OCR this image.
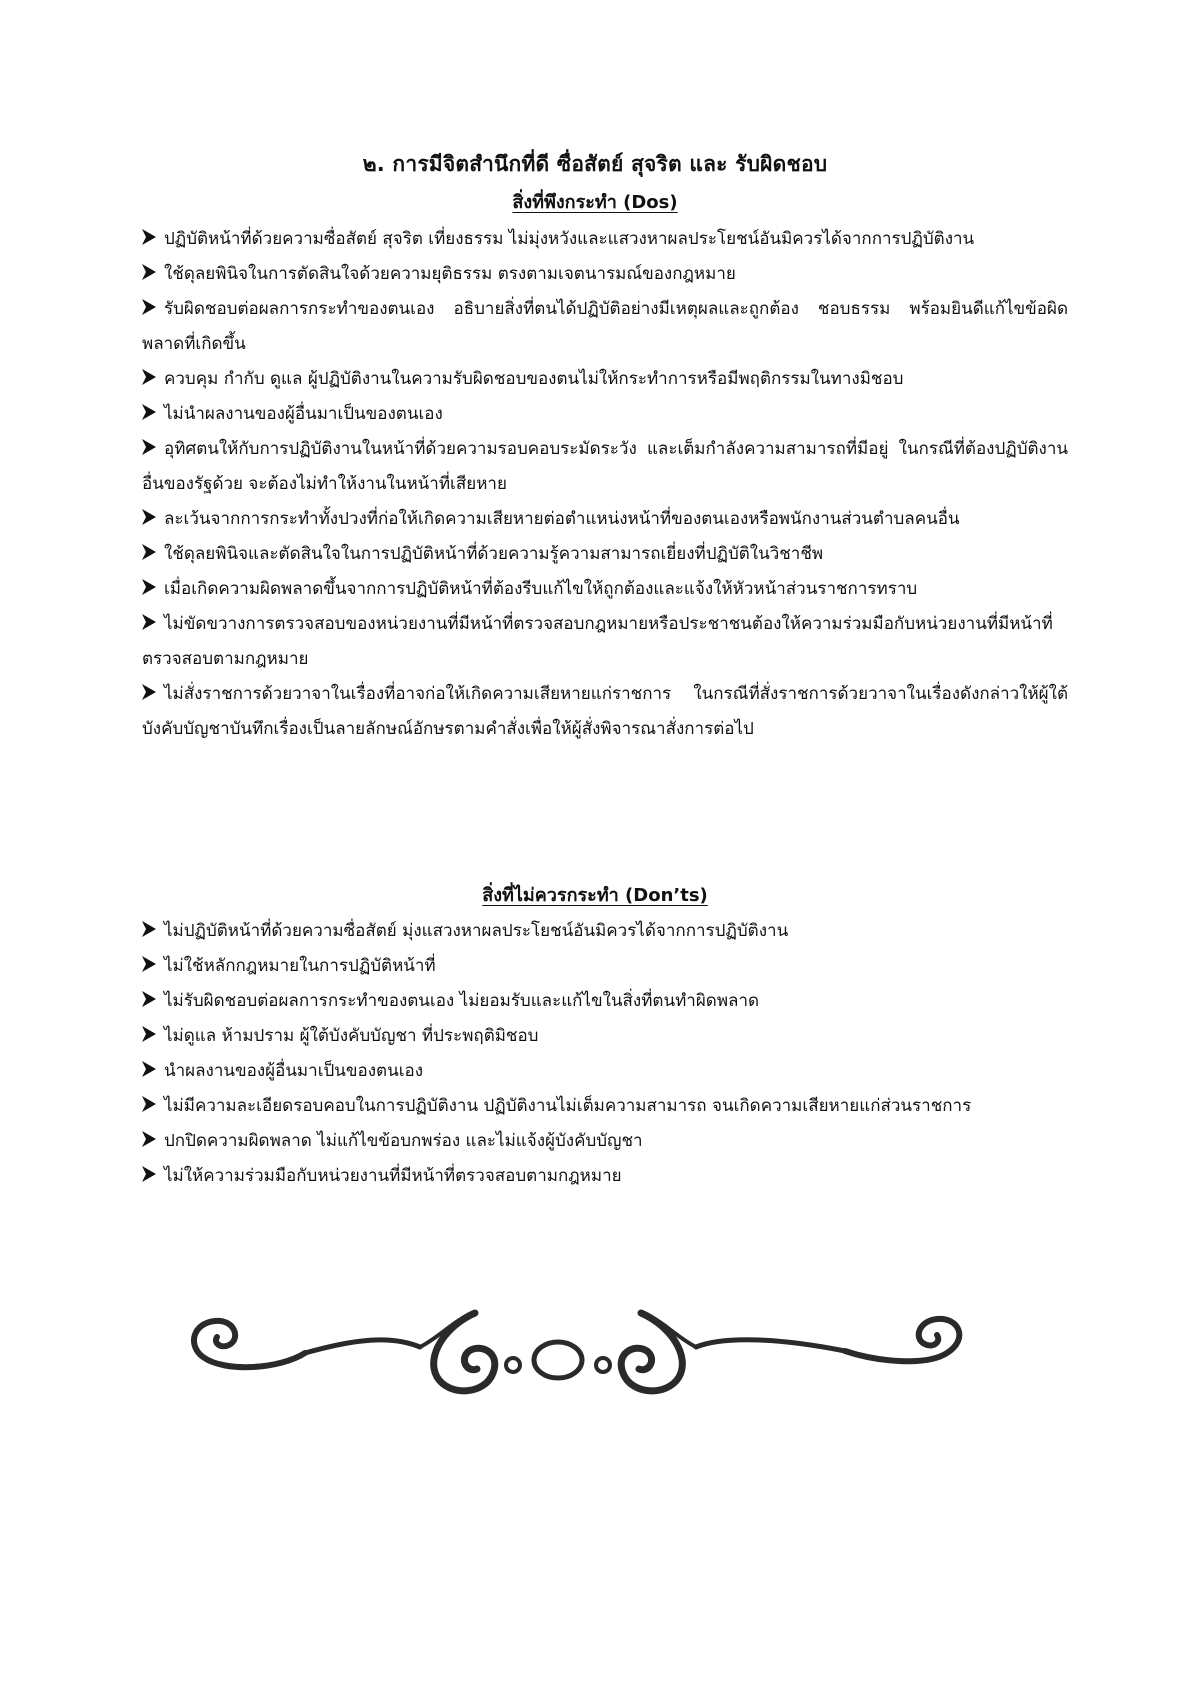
๒. การมีจิตสำนึกที่ดี ซื่อสัตย์ สุจริต และ รับผิดชอบ
สิ่งที่พึงกระทำ (Dos)
ปฏิบัติหน้าที่ด้วยความซื่อสัตย์ สุจริต เที่ยงธรรม ไม่มุ่งหวังและแสวงหาผลประโยชน์อันมิควรได้จากการปฏิบัติงาน
ใช้ดุลยพินิจในการตัดสินใจด้วยความยุติธรรม ตรงตามเจตนารมณ์ของกฎหมาย
รับผิดชอบต่อผลการกระทำของตนเอง อธิบายสิ่งที่ตนได้ปฏิบัติอย่างมีเหตุผลและถูกต้อง ชอบธรรม พร้อมยินดีแก้ไขข้อผิดพลาดที่เกิดขึ้น
ควบคุม กำกับ ดูแล ผู้ปฏิบัติงานในความรับผิดชอบของตนไม่ให้กระทำการหรือมีพฤติกรรมในทางมิชอบ
ไม่นำผลงานของผู้อื่นมาเป็นของตนเอง
อุทิศตนให้กับการปฏิบัติงานในหน้าที่ด้วยความรอบคอบระมัดระวัง และเต็มกำลังความสามารถที่มีอยู่ ในกรณีที่ต้องปฏิบัติงานอื่นของรัฐด้วย จะต้องไม่ทำให้งานในหน้าที่เสียหาย
ละเว้นจากการกระทำทั้งปวงที่ก่อให้เกิดความเสียหายต่อตำแหน่งหน้าที่ของตนเองหรือพนักงานส่วนตำบลคนอื่น
ใช้ดุลยพินิจและตัดสินใจในการปฏิบัติหน้าที่ด้วยความรู้ความสามารถเยี่ยงที่ปฏิบัติในวิชาชีพ
เมื่อเกิดความผิดพลาดขึ้นจากการปฏิบัติหน้าที่ต้องรีบแก้ไขให้ถูกต้องและแจ้งให้หัวหน้าส่วนราชการทราบ
ไม่ขัดขวางการตรวจสอบของหน่วยงานที่มีหน้าที่ตรวจสอบกฎหมายหรือประชาชนต้องให้ความร่วมมือกับหน่วยงานที่มีหน้าที่ตรวจสอบตามกฎหมาย
ไม่สั่งราชการด้วยวาจาในเรื่องที่อาจก่อให้เกิดความเสียหายแก่ราชการ ในกรณีที่สั่งราชการด้วยวาจาในเรื่องดังกล่าวให้ผู้ใต้บังคับบัญชาบันทึกเรื่องเป็นลายลักษณ์อักษรตามคำสั่งเพื่อให้ผู้สั่งพิจารณาสั่งการต่อไป
สิ่งที่ไม่ควรกระทำ (Don’ts)
ไม่ปฏิบัติหน้าที่ด้วยความซื่อสัตย์ มุ่งแสวงหาผลประโยชน์อันมิควรได้จากการปฏิบัติงาน
ไม่ใช้หลักกฎหมายในการปฏิบัติหน้าที่
ไม่รับผิดชอบต่อผลการกระทำของตนเอง ไม่ยอมรับและแก้ไขในสิ่งที่ตนทำผิดพลาด
ไม่ดูแล ห้ามปราม ผู้ใต้บังคับบัญชา ที่ประพฤติมิชอบ
นำผลงานของผู้อื่นมาเป็นของตนเอง
ไม่มีความละเอียดรอบคอบในการปฏิบัติงาน ปฏิบัติงานไม่เต็มความสามารถ จนเกิดความเสียหายแก่ส่วนราชการ
ปกปิดความผิดพลาด ไม่แก้ไขข้อบกพร่อง และไม่แจ้งผู้บังคับบัญชา
ไม่ให้ความร่วมมือกับหน่วยงานที่มีหน้าที่ตรวจสอบตามกฎหมาย
